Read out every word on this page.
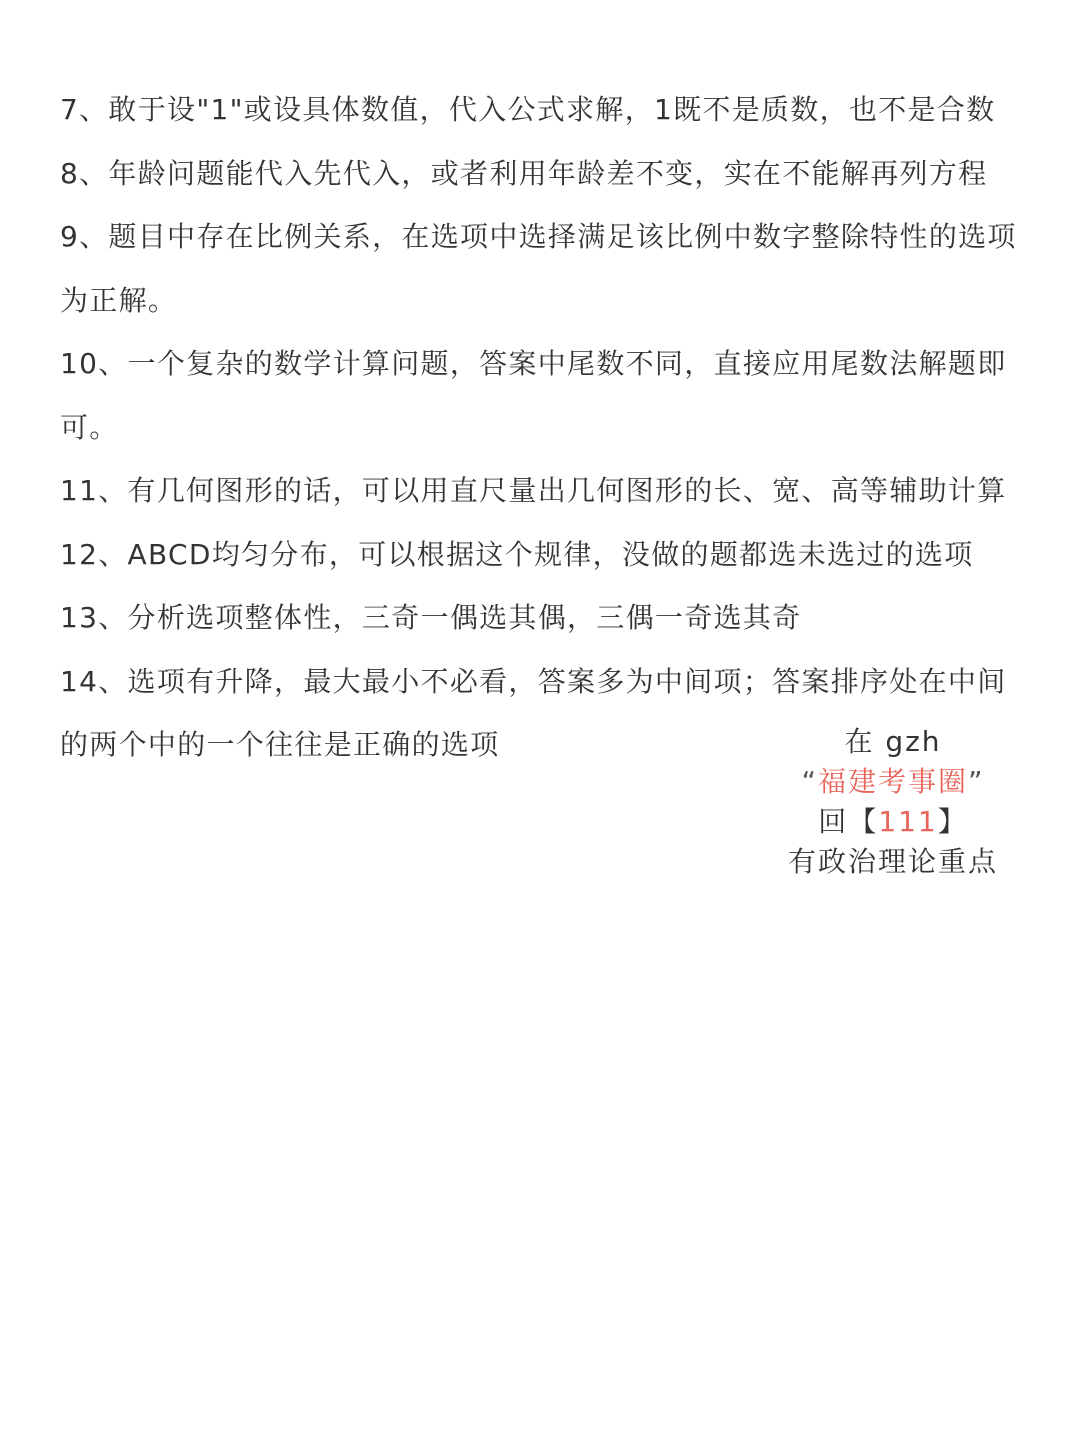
7、敢于设"1"或设具体数值，代入公式求解，1既不是质数，也不是合数
8、年龄问题能代入先代入，或者利用年龄差不变，实在不能解再列方程
9、题目中存在比例关系，在选项中选择满足该比例中数字整除特性的选项为正解。
10、一个复杂的数学计算问题，答案中尾数不同，直接应用尾数法解题即可。
11、有几何图形的话，可以用直尺量出几何图形的长、宽、高等辅助计算
12、ABCD均匀分布，可以根据这个规律，没做的题都选未选过的选项
13、分析选项整体性，三奇一偶选其偶，三偶一奇选其奇
14、选项有升降，最大最小不必看，答案多为中间项；答案排序处在中间的两个中的一个往往是正确的选项	在 gzh
“福建考事圈”
回【111】
有政治理论重点
